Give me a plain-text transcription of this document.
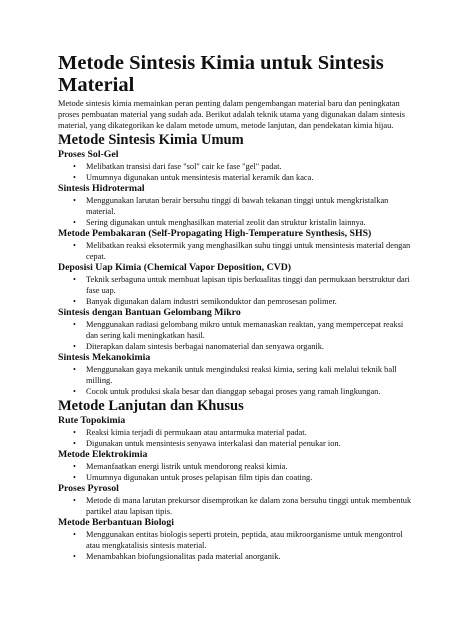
Metode Sintesis Kimia untuk Sintesis Material

Metode sintesis kimia memainkan peran penting dalam pengembangan material baru dan peningkatan proses pembuatan material yang sudah ada. Berikut adalah teknik utama yang digunakan dalam sintesis material, yang dikategorikan ke dalam metode umum, metode lanjutan, dan pendekatan kimia hijau.

Metode Sintesis Kimia Umum
Proses Sol-Gel
• Melibatkan transisi dari fase "sol" cair ke fase "gel" padat.
• Umumnya digunakan untuk mensintesis material keramik dan kaca.
Sintesis Hidrotermal
• Menggunakan larutan berair bersuhu tinggi di bawah tekanan tinggi untuk mengkristalkan material.
• Sering digunakan untuk menghasilkan material zeolit dan struktur kristalin lainnya.
Metode Pembakaran (Self-Propagating High-Temperature Synthesis, SHS)
• Melibatkan reaksi eksotermik yang menghasilkan suhu tinggi untuk mensintesis material dengan cepat.
Deposisi Uap Kimia (Chemical Vapor Deposition, CVD)
• Teknik serbaguna untuk membuat lapisan tipis berkualitas tinggi dan permukaan berstruktur dari fase uap.
• Banyak digunakan dalam industri semikonduktor dan pemrosesan polimer.
Sintesis dengan Bantuan Gelombang Mikro
• Menggunakan radiasi gelombang mikro untuk memanaskan reaktan, yang mempercepat reaksi dan sering kali meningkatkan hasil.
• Diterapkan dalam sintesis berbagai nanomaterial dan senyawa organik.
Sintesis Mekanokimia
• Menggunakan gaya mekanik untuk menginduksi reaksi kimia, sering kali melalui teknik ball milling.
• Cocok untuk produksi skala besar dan dianggap sebagai proses yang ramah lingkungan.
Metode Lanjutan dan Khusus
Rute Topokimia
• Reaksi kimia terjadi di permukaan atau antarmuka material padat.
• Digunakan untuk mensintesis senyawa interkalasi dan material penukar ion.
Metode Elektrokimia
• Memanfaatkan energi listrik untuk mendorong reaksi kimia.
• Umumnya digunakan untuk proses pelapisan film tipis dan coating.
Proses Pyrosol
• Metode di mana larutan prekursor disemprotkan ke dalam zona bersuhu tinggi untuk membentuk partikel atau lapisan tipis.
Metode Berbantuan Biologi
• Menggunakan entitas biologis seperti protein, peptida, atau mikroorganisme untuk mengontrol atau mengkatalisis sintesis material.
• Menambahkan biofungsionalitas pada material anorganik.
